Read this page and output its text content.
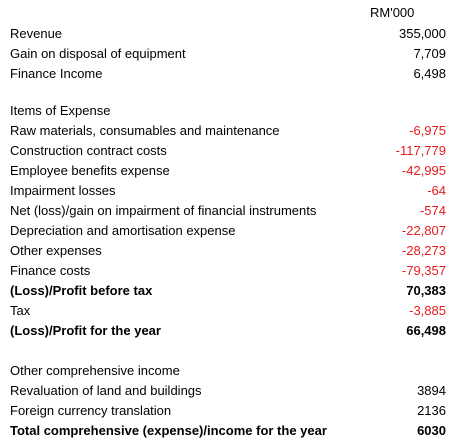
RM'000
Revenue	355,000
Gain on disposal of equipment	7,709
Finance Income	6,498
Items of Expense
Raw materials, consumables and maintenance	-6,975
Construction contract costs	-117,779
Employee benefits expense	-42,995
Impairment losses	-64
Net (loss)/gain on impairment of financial instruments	-574
Depreciation and amortisation expense	-22,807
Other expenses	-28,273
Finance costs	-79,357
(Loss)/Profit before tax	70,383
Tax	-3,885
(Loss)/Profit for the year	66,498
Other comprehensive income
Revaluation of land and buildings	3894
Foreign currency translation	2136
Total comprehensive (expense)/income for the year	6030
